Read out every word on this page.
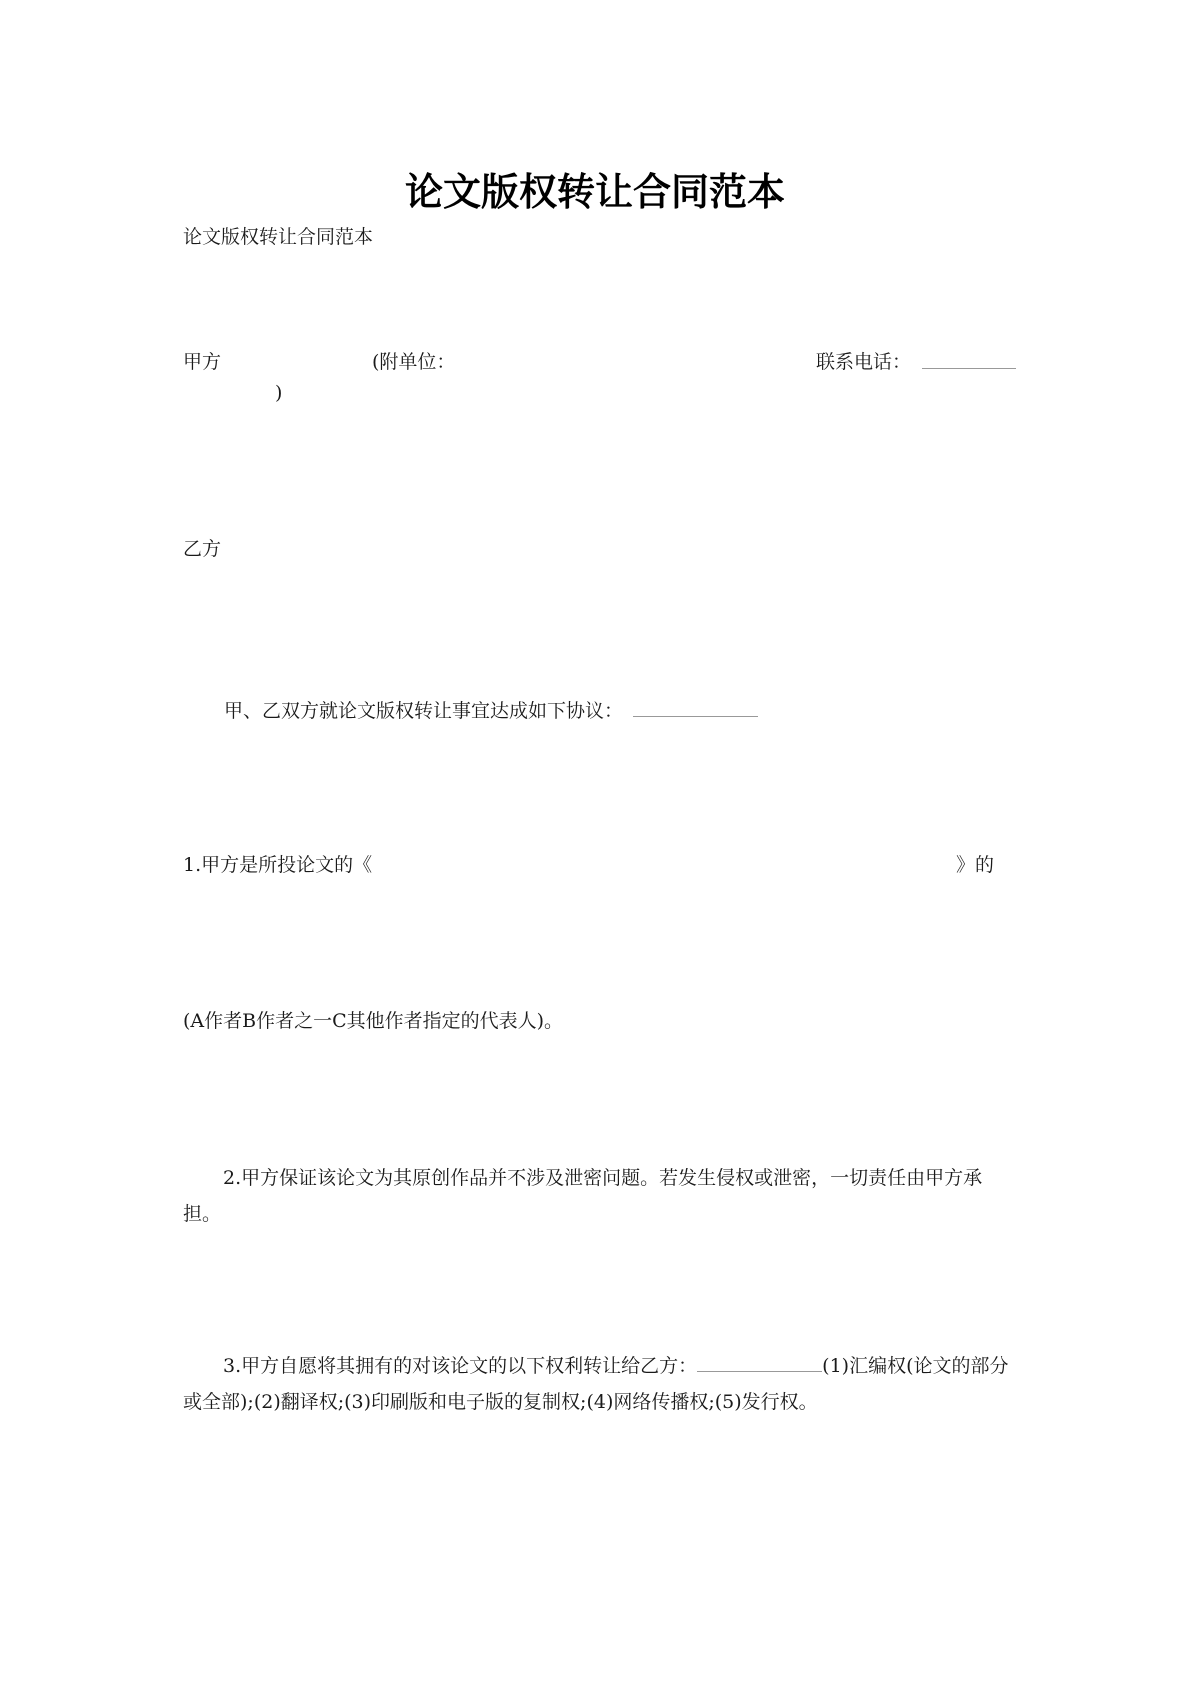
论文版权转让合同范本
论文版权转让合同范本
甲方	(附单位：	联系电话：
)
乙方
甲、乙双方就论文版权转让事宜达成如下协议：
1.甲方是所投论文的《	》的
(A作者B作者之一C其他作者指定的代表人)。
2.甲方保证该论文为其原创作品并不涉及泄密问题。若发生侵权或泄密，一切责任由甲方承担。
3.甲方自愿将其拥有的对该论文的以下权利转让给乙方：	(1)汇编权(论文的部分或全部);(2)翻译权;(3)印刷版和电子版的复制权;(4)网络传播权;(5)发行权。
